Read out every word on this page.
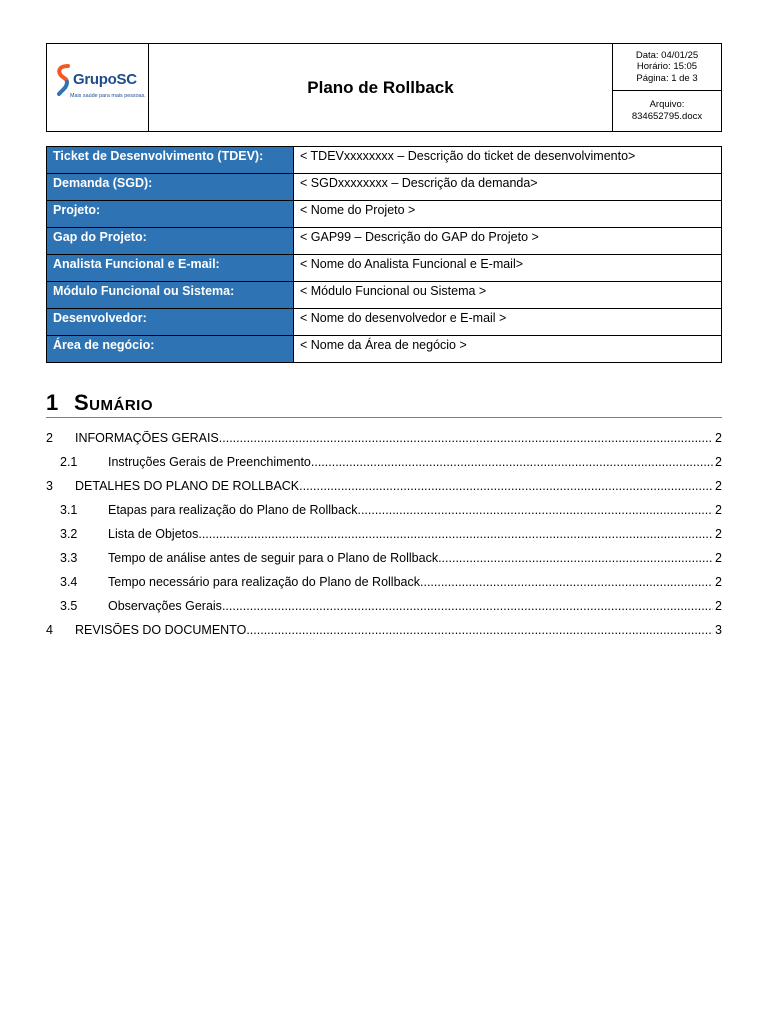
GrupoSC
Mais saúde para mais pessoas.	Plano de Rollback
Data: 04/01/25
Horário: 15:05
Página: 1 de 3
Arquivo:
834652795.docx
Ticket de Desenvolvimento (TDEV):	< TDEVxxxxxxxx – Descrição do ticket de desenvolvimento>
Demanda (SGD):	< SGDxxxxxxxx – Descrição da demanda>
Projeto:	< Nome do Projeto >
Gap do Projeto:	< GAP99 – Descrição do GAP do Projeto >
Analista Funcional e E-mail:	< Nome do Analista Funcional e E-mail>
Módulo Funcional ou Sistema:	< Módulo Funcional ou Sistema >
Desenvolvedor:	< Nome do desenvolvedor e E-mail >
Área de negócio:	< Nome da Área de negócio >
1 Sumário
2 INFORMAÇÕES GERAIS .....	2
2.1 Instruções Gerais de Preenchimento .....	2
3 DETALHES DO PLANO DE ROLLBACK .....	2
3.1 Etapas para realização do Plano de Rollback .....	2
3.2 Lista de Objetos .....	2
3.3 Tempo de análise antes de seguir para o Plano de Rollback .....	2
3.4 Tempo necessário para realização do Plano de Rollback .....	2
3.5 Observações Gerais .....	2
4 REVISÕES DO DOCUMENTO .....	3
